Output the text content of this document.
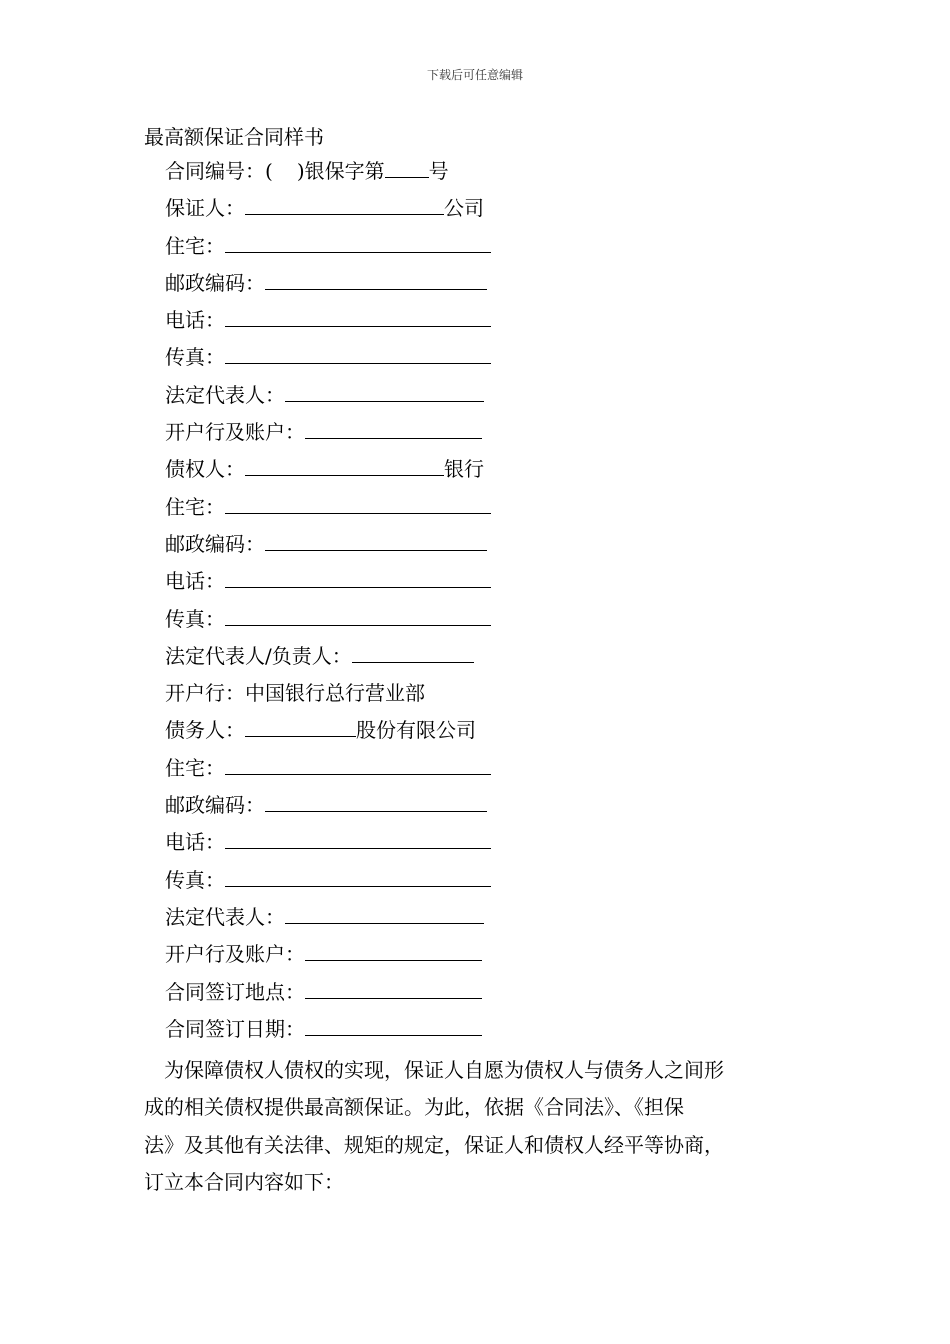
下载后可任意编辑
最高额保证合同样书
合同编号：( )银保字第 号
保证人：	公司
住宅：
邮政编码：
电话：
传真：
法定代表人：
开户行及账户：
债权人：	银行
住宅：
邮政编码：
电话：
传真：
法定代表人/负责人：
开户行：中国银行总行营业部
债务人：	股份有限公司
住宅：
邮政编码：
电话：
传真：
法定代表人：
开户行及账户：
合同签订地点：
合同签订日期：

为保障债权人债权的实现，保证人自愿为债权人与债务人之间形
成的相关债权提供最高额保证。为此，依据《合同法》、《担保
法》及其他有关法律、规矩的规定，保证人和债权人经平等协商，
订立本合同内容如下：
